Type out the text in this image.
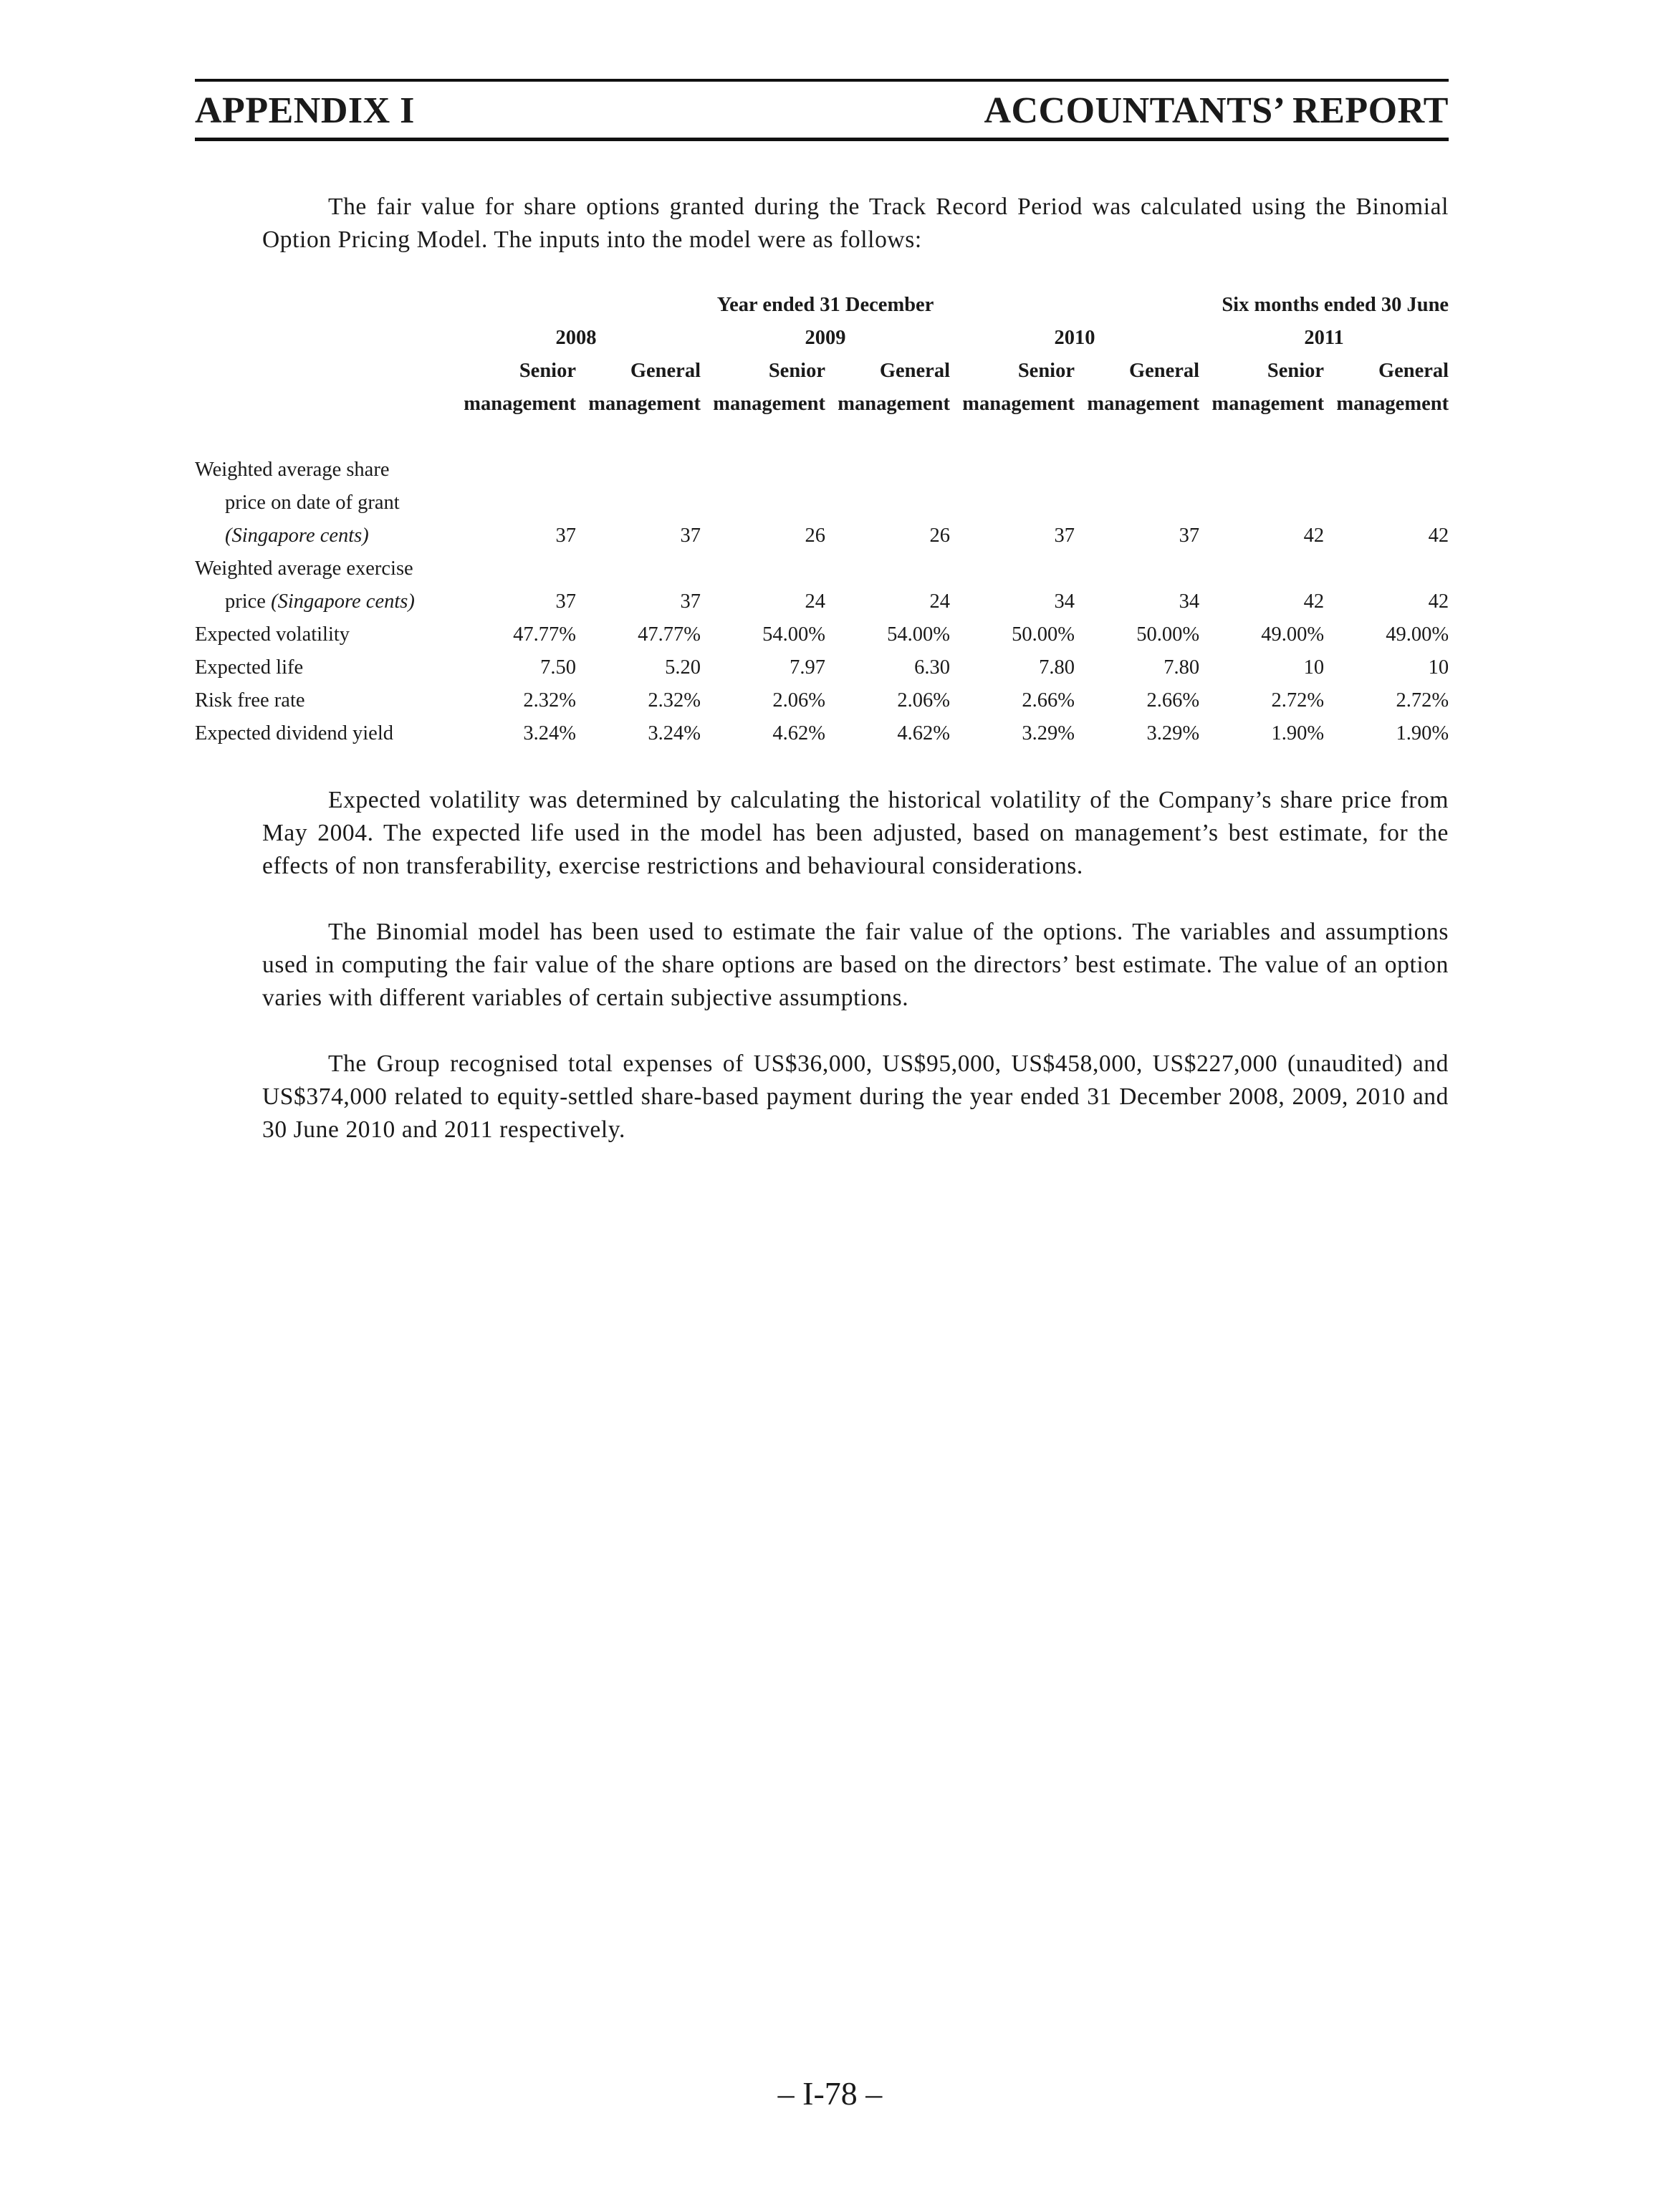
APPENDIX I	ACCOUNTANTS’ REPORT
The fair value for share options granted during the Track Record Period was calculated using the Binomial Option Pricing Model. The inputs into the model were as follows:
	Year ended 31 December						Six months ended 30 June	
	2008		2009		2010		2011	
	Senior	General	Senior	General	Senior	General	Senior	General
	management	management	management	management	management	management	management	management

Weighted average share								
price on date of grant								
(Singapore cents)	37	37	26	26	37	37	42	42
Weighted average exercise								
price (Singapore cents)	37	37	24	24	34	34	42	42
Expected volatility	47.77%	47.77%	54.00%	54.00%	50.00%	50.00%	49.00%	49.00%
Expected life	7.50	5.20	7.97	6.30	7.80	7.80	10	10
Risk free rate	2.32%	2.32%	2.06%	2.06%	2.66%	2.66%	2.72%	2.72%
Expected dividend yield	3.24%	3.24%	4.62%	4.62%	3.29%	3.29%	1.90%	1.90%
Expected volatility was determined by calculating the historical volatility of the Company’s share price from May 2004. The expected life used in the model has been adjusted, based on management’s best estimate, for the effects of non transferability, exercise restrictions and behavioural considerations.
The Binomial model has been used to estimate the fair value of the options. The variables and assumptions used in computing the fair value of the share options are based on the directors’ best estimate. The value of an option varies with different variables of certain subjective assumptions.
The Group recognised total expenses of US$36,000, US$95,000, US$458,000, US$227,000 (unaudited) and US$374,000 related to equity-settled share-based payment during the year ended 31 December 2008, 2009, 2010 and 30 June 2010 and 2011 respectively.
– I-78 –
